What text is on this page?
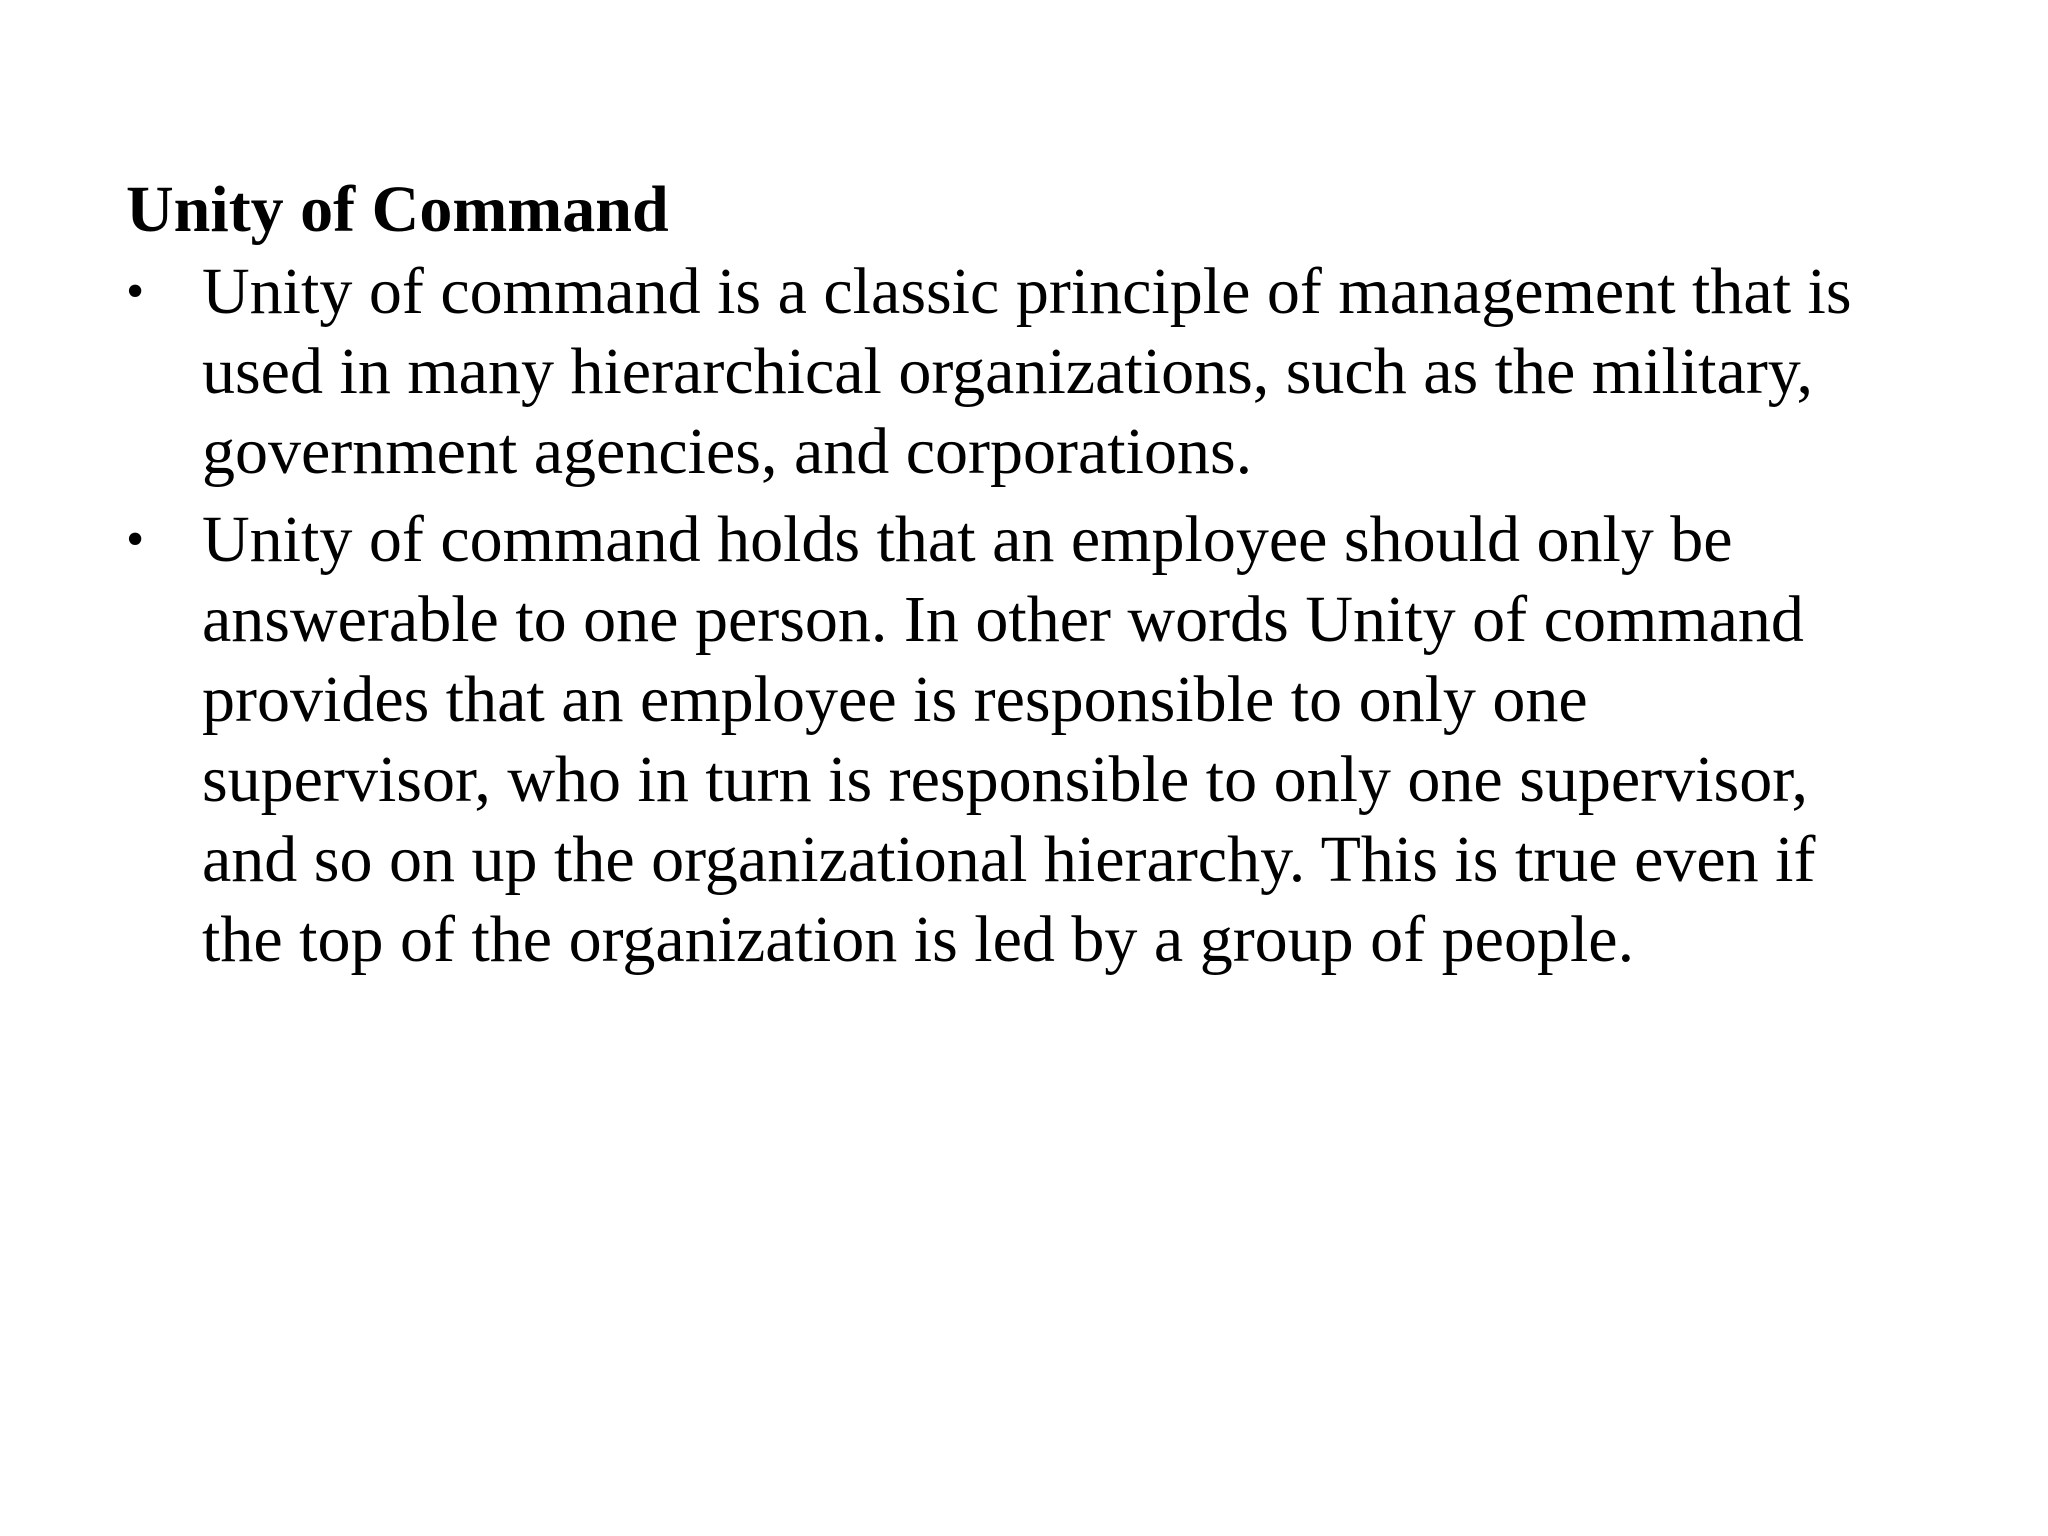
Unity of Command
• Unity of command is a classic principle of management that is
used in many hierarchical organizations, such as the military,
government agencies, and corporations.
• Unity of command holds that an employee should only be
answerable to one person. In other words Unity of command
provides that an employee is responsible to only one
supervisor, who in turn is responsible to only one supervisor,
and so on up the organizational hierarchy. This is true even if
the top of the organization is led by a group of people.
